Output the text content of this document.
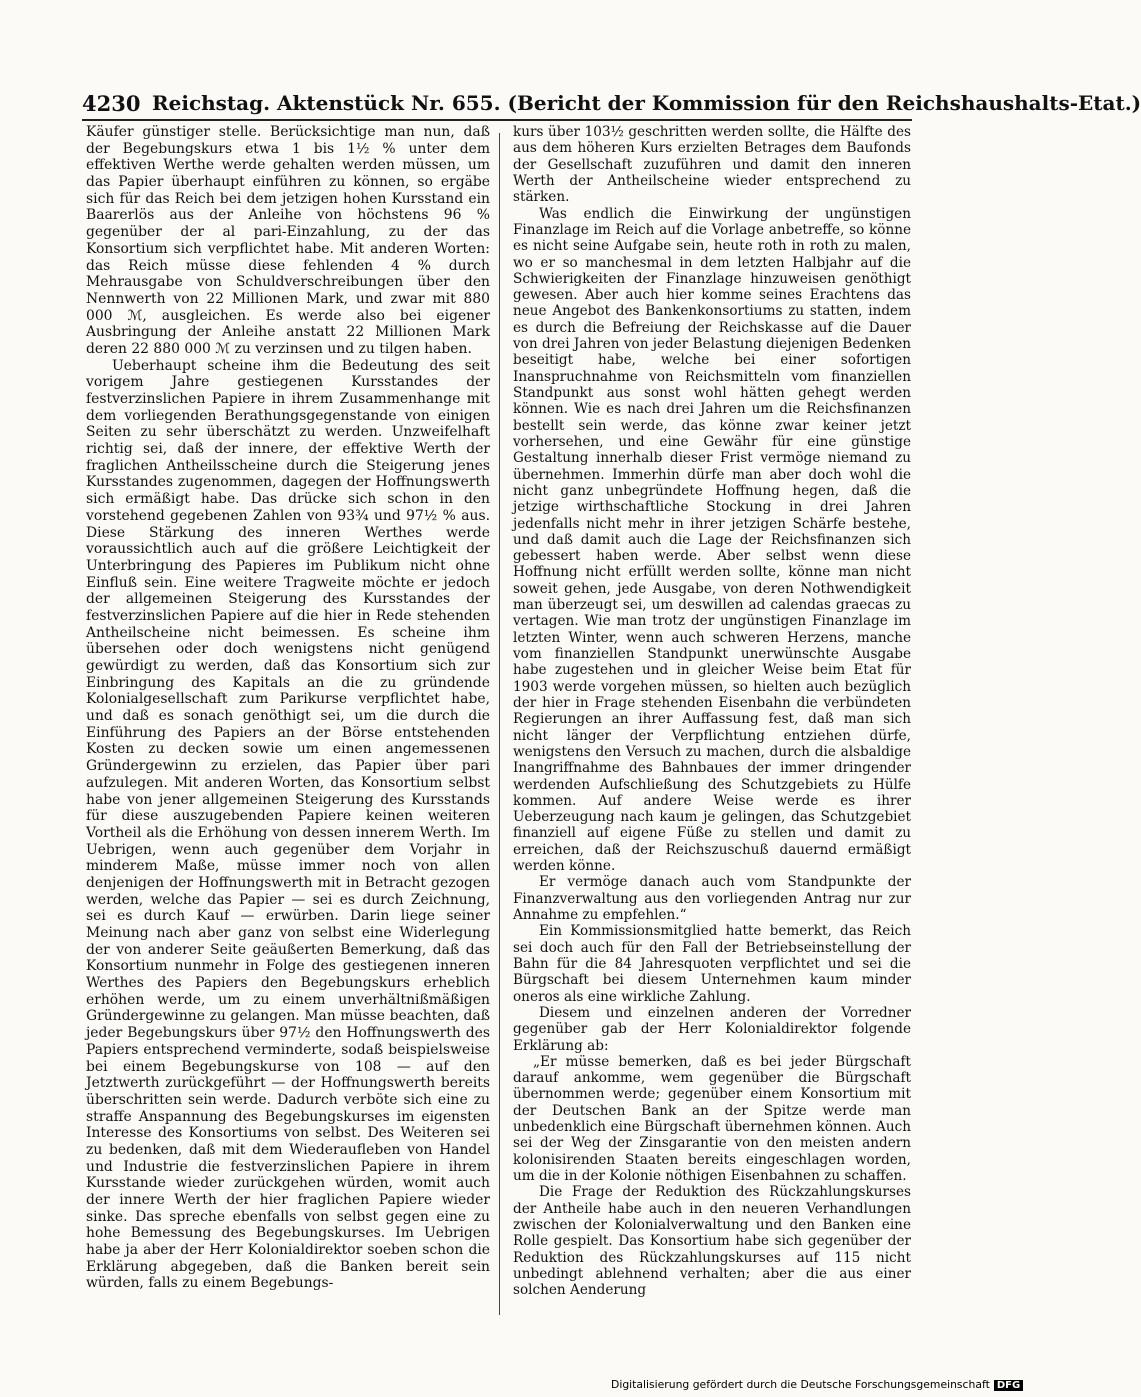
4230 Reichstag. Aktenstück Nr. 655. (Bericht der Kommission für den Reichshaushalts-Etat.)

Käufer günstiger stelle. Berücksichtige man nun, daß der Begebungskurs etwa 1 bis 1½ % unter dem effektiven Werthe werde gehalten werden müssen, um das Papier überhaupt einführen zu können, so ergäbe sich für das Reich bei dem jetzigen hohen Kursstand ein Baarerlös aus der Anleihe von höchstens 96 % gegenüber der al pari-Einzahlung, zu der das Konsortium sich verpflichtet habe. Mit anderen Worten: das Reich müsse diese fehlenden 4 % durch Mehrausgabe von Schuldverschreibungen über den Nennwerth von 22 Millionen Mark, und zwar mit 880 000 ℳ, ausgleichen. Es werde also bei eigener Ausbringung der Anleihe anstatt 22 Millionen Mark deren 22 880 000 ℳ zu verzinsen und zu tilgen haben.

Ueberhaupt scheine ihm die Bedeutung des seit vorigem Jahre gestiegenen Kursstandes der festverzinslichen Papiere in ihrem Zusammenhange mit dem vorliegenden Berathungsgegenstande von einigen Seiten zu sehr überschätzt zu werden. Unzweifelhaft richtig sei, daß der innere, der effektive Werth der fraglichen Antheilsscheine durch die Steigerung jenes Kursstandes zugenommen, dagegen der Hoffnungswerth sich ermäßigt habe. Das drücke sich schon in den vorstehend gegebenen Zahlen von 93¾ und 97½ % aus. Diese Stärkung des inneren Werthes werde voraussichtlich auch auf die größere Leichtigkeit der Unterbringung des Papieres im Publikum nicht ohne Einfluß sein. Eine weitere Tragweite möchte er jedoch der allgemeinen Steigerung des Kursstandes der festverzinslichen Papiere auf die hier in Rede stehenden Antheilscheine nicht beimessen. Es scheine ihm übersehen oder doch wenigstens nicht genügend gewürdigt zu werden, daß das Konsortium sich zur Einbringung des Kapitals an die zu gründende Kolonialgesellschaft zum Parikurse verpflichtet habe, und daß es sonach genöthigt sei, um die durch die Einführung des Papiers an der Börse entstehenden Kosten zu decken sowie um einen angemessenen Gründergewinn zu erzielen, das Papier über pari aufzulegen. Mit anderen Worten, das Konsortium selbst habe von jener allgemeinen Steigerung des Kursstands für diese auszugebenden Papiere keinen weiteren Vortheil als die Erhöhung von dessen innerem Werth. Im Uebrigen, wenn auch gegenüber dem Vorjahr in minderem Maße, müsse immer noch von allen denjenigen der Hoffnungswerth mit in Betracht gezogen werden, welche das Papier — sei es durch Zeichnung, sei es durch Kauf — erwürben. Darin liege seiner Meinung nach aber ganz von selbst eine Widerlegung der von anderer Seite geäußerten Bemerkung, daß das Konsortium nunmehr in Folge des gestiegenen inneren Werthes des Papiers den Begebungskurs erheblich erhöhen werde, um zu einem unverhältnißmäßigen Gründergewinne zu gelangen. Man müsse beachten, daß jeder Begebungskurs über 97½ den Hoffnungswerth des Papiers entsprechend verminderte, sodaß beispielsweise bei einem Begebungskurse von 108 — auf den Jetztwerth zurückgeführt — der Hoffnungswerth bereits überschritten sein werde. Dadurch verböte sich eine zu straffe Anspannung des Begebungskurses im eigensten Interesse des Konsortiums von selbst. Des Weiteren sei zu bedenken, daß mit dem Wiederaufleben von Handel und Industrie die festverzinslichen Papiere in ihrem Kursstande wieder zurückgehen würden, womit auch der innere Werth der hier fraglichen Papiere wieder sinke. Das spreche ebenfalls von selbst gegen eine zu hohe Bemessung des Begebungskurses. Im Uebrigen habe ja aber der Herr Kolonialdirektor soeben schon die Erklärung abgegeben, daß die Banken bereit sein würden, falls zu einem Begebungs-

kurs über 103½ geschritten werden sollte, die Hälfte des aus dem höheren Kurs erzielten Betrages dem Baufonds der Gesellschaft zuzuführen und damit den inneren Werth der Antheilscheine wieder entsprechend zu stärken.

Was endlich die Einwirkung der ungünstigen Finanzlage im Reich auf die Vorlage anbetreffe, so könne es nicht seine Aufgabe sein, heute roth in roth zu malen, wo er so manchesmal in dem letzten Halbjahr auf die Schwierigkeiten der Finanzlage hinzuweisen genöthigt gewesen. Aber auch hier komme seines Erachtens das neue Angebot des Bankenkonsortiums zu statten, indem es durch die Befreiung der Reichskasse auf die Dauer von drei Jahren von jeder Belastung diejenigen Bedenken beseitigt habe, welche bei einer sofortigen Inanspruchnahme von Reichsmitteln vom finanziellen Standpunkt aus sonst wohl hätten gehegt werden können. Wie es nach drei Jahren um die Reichsfinanzen bestellt sein werde, das könne zwar keiner jetzt vorhersehen, und eine Gewähr für eine günstige Gestaltung innerhalb dieser Frist vermöge niemand zu übernehmen. Immerhin dürfe man aber doch wohl die nicht ganz unbegründete Hoffnung hegen, daß die jetzige wirthschaftliche Stockung in drei Jahren jedenfalls nicht mehr in ihrer jetzigen Schärfe bestehe, und daß damit auch die Lage der Reichsfinanzen sich gebessert haben werde. Aber selbst wenn diese Hoffnung nicht erfüllt werden sollte, könne man nicht soweit gehen, jede Ausgabe, von deren Nothwendigkeit man überzeugt sei, um deswillen ad calendas graecas zu vertagen. Wie man trotz der ungünstigen Finanzlage im letzten Winter, wenn auch schweren Herzens, manche vom finanziellen Standpunkt unerwünschte Ausgabe habe zugestehen und in gleicher Weise beim Etat für 1903 werde vorgehen müssen, so hielten auch bezüglich der hier in Frage stehenden Eisenbahn die verbündeten Regierungen an ihrer Auffassung fest, daß man sich nicht länger der Verpflichtung entziehen dürfe, wenigstens den Versuch zu machen, durch die alsbaldige Inangriffnahme des Bahnbaues der immer dringender werdenden Aufschließung des Schutzgebiets zu Hülfe kommen. Auf andere Weise werde es ihrer Ueberzeugung nach kaum je gelingen, das Schutzgebiet finanziell auf eigene Füße zu stellen und damit zu erreichen, daß der Reichszuschuß dauernd ermäßigt werden könne.

Er vermöge danach auch vom Standpunkte der Finanzverwaltung aus den vorliegenden Antrag nur zur Annahme zu empfehlen.“

Ein Kommissionsmitglied hatte bemerkt, das Reich sei doch auch für den Fall der Betriebseinstellung der Bahn für die 84 Jahresquoten verpflichtet und sei die Bürgschaft bei diesem Unternehmen kaum minder oneros als eine wirkliche Zahlung.

Diesem und einzelnen anderen der Vorredner gegenüber gab der Herr Kolonialdirektor folgende Erklärung ab:

„Er müsse bemerken, daß es bei jeder Bürgschaft darauf ankomme, wem gegenüber die Bürgschaft übernommen werde; gegenüber einem Konsortium mit der Deutschen Bank an der Spitze werde man unbedenklich eine Bürgschaft übernehmen können. Auch sei der Weg der Zinsgarantie von den meisten andern kolonisirenden Staaten bereits eingeschlagen worden, um die in der Kolonie nöthigen Eisenbahnen zu schaffen.

Die Frage der Reduktion des Rückzahlungskurses der Antheile habe auch in den neueren Verhandlungen zwischen der Kolonialverwaltung und den Banken eine Rolle gespielt. Das Konsortium habe sich gegenüber der Reduktion des Rückzahlungskurses auf 115 nicht unbedingt ablehnend verhalten; aber die aus einer solchen Aenderung

Digitalisierung gefördert durch die Deutsche Forschungsgemeinschaft DFG
